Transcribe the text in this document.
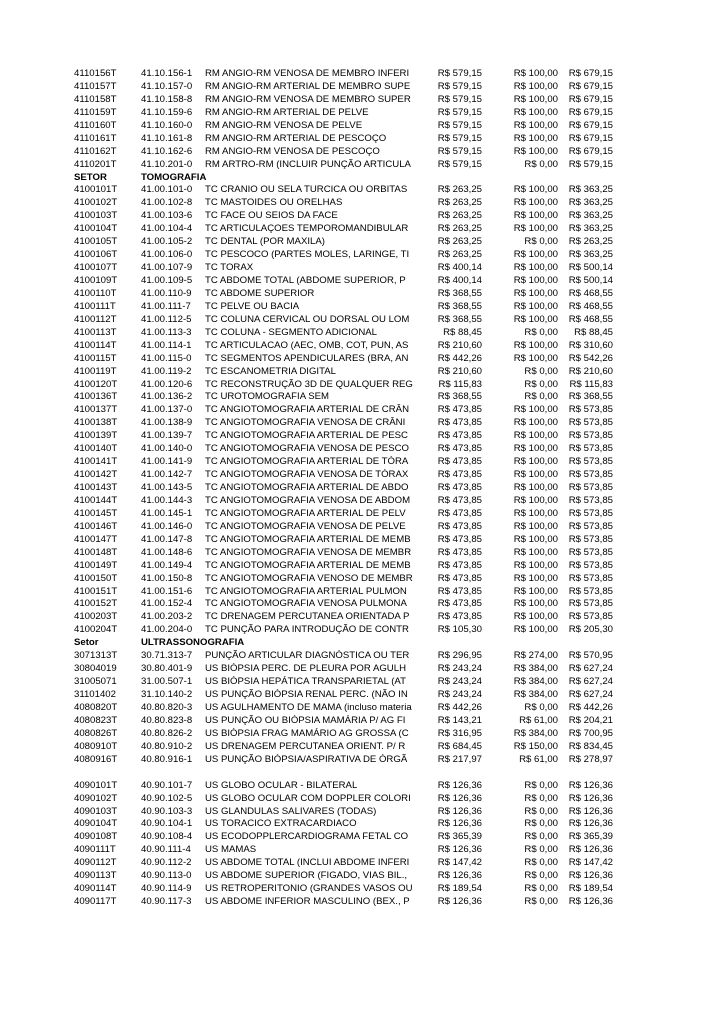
4110156T	41.10.156-1 RM ANGIO-RM VENOSA DE MEMBRO INFERI	R$ 579,15	R$ 100,00 R$ 679,15
4110157T	41.10.157-0 RM ANGIO-RM ARTERIAL DE MEMBRO SUPE	R$ 579,15	R$ 100,00 R$ 679,15
4110158T	41.10.158-8 RM ANGIO-RM VENOSA DE MEMBRO SUPER	R$ 579,15	R$ 100,00 R$ 679,15
4110159T	41.10.159-6 RM ANGIO-RM ARTERIAL DE PELVE	R$ 579,15	R$ 100,00 R$ 679,15
4110160T	41.10.160-0 RM ANGIO-RM VENOSA DE PELVE	R$ 579,15	R$ 100,00 R$ 679,15
4110161T	41.10.161-8 RM ANGIO-RM ARTERIAL DE PESCOÇO	R$ 579,15	R$ 100,00 R$ 679,15
4110162T	41.10.162-6 RM ANGIO-RM VENOSA DE PESCOÇO	R$ 579,15	R$ 100,00 R$ 679,15
4110201T	41.10.201-0 RM ARTRO-RM (INCLUIR PUNÇÃO ARTICULA	R$ 579,15	R$ 0,00 R$ 579,15
SETOR	TOMOGRAFIA
4100101T 41.00.101-0 TC CRANIO OU SELA TURCICA OU ORBITAS	R$ 263,25	R$ 100,00 R$ 363,25
4100102T 41.00.102-8 TC MASTOIDES OU ORELHAS	R$ 263,25	R$ 100,00 R$ 363,25
4100103T 41.00.103-6 TC FACE OU SEIOS DA FACE	R$ 263,25	R$ 100,00 R$ 363,25
4100104T 41.00.104-4 TC ARTICULAÇOES TEMPOROMANDIBULAR	R$ 263,25	R$ 100,00 R$ 363,25
4100105T 41.00.105-2 TC DENTAL (POR MAXILA)	R$ 263,25	R$ 0,00 R$ 263,25
4100106T 41.00.106-0 TC PESCOCO (PARTES MOLES, LARINGE, TI	R$ 263,25	R$ 100,00 R$ 363,25
4100107T 41.00.107-9 TC TORAX	R$ 400,14	R$ 100,00 R$ 500,14
4100109T 41.00.109-5 TC ABDOME TOTAL (ABDOME SUPERIOR, P	R$ 400,14	R$ 100,00 R$ 500,14
4100110T	41.00.110-9 TC ABDOME SUPERIOR	R$ 368,55	R$ 100,00 R$ 468,55
4100111T	41.00.111-7 TC PELVE OU BACIA	R$ 368,55	R$ 100,00 R$ 468,55
4100112T	41.00.112-5 TC COLUNA CERVICAL OU DORSAL OU LOM	R$ 368,55	R$ 100,00 R$ 468,55
4100113T	41.00.113-3 TC COLUNA - SEGMENTO ADICIONAL	R$ 88,45	R$ 0,00 R$ 88,45
4100114T	41.00.114-1 TC ARTICULACAO (AEC, OMB, COT, PUN, AS	R$ 210,60	R$ 100,00 R$ 310,60
4100115T	41.00.115-0 TC SEGMENTOS APENDICULARES (BRA, AN	R$ 442,26	R$ 100,00 R$ 542,26
4100119T	41.00.119-2 TC ESCANOMETRIA DIGITAL	R$ 210,60	R$ 0,00 R$ 210,60
4100120T 41.00.120-6 TC RECONSTRUÇÃO 3D DE QUALQUER REG	R$ 115,83	R$ 0,00 R$ 115,83
4100136T 41.00.136-2 TC UROTOMOGRAFIA SEM	R$ 368,55	R$ 0,00 R$ 368,55
4100137T 41.00.137-0 TC ANGIOTOMOGRAFIA ARTERIAL DE CRÂN	R$ 473,85	R$ 100,00 R$ 573,85
4100138T 41.00.138-9 TC ANGIOTOMOGRAFIA VENOSA DE CRÂNI	R$ 473,85	R$ 100,00 R$ 573,85
4100139T 41.00.139-7 TC ANGIOTOMOGRAFIA ARTERIAL DE PESC	R$ 473,85	R$ 100,00 R$ 573,85
4100140T 41.00.140-0 TC ANGIOTOMOGRAFIA VENOSA DE PESCO	R$ 473,85	R$ 100,00 R$ 573,85
4100141T 41.00.141-9 TC ANGIOTOMOGRAFIA ARTERIAL DE TÓRA	R$ 473,85	R$ 100,00 R$ 573,85
4100142T 41.00.142-7 TC ANGIOTOMOGRAFIA VENOSA DE TÓRAX	R$ 473,85	R$ 100,00 R$ 573,85
4100143T 41.00.143-5 TC ANGIOTOMOGRAFIA ARTERIAL DE ABDO	R$ 473,85	R$ 100,00 R$ 573,85
4100144T 41.00.144-3 TC ANGIOTOMOGRAFIA VENOSA DE ABDOM	R$ 473,85	R$ 100,00 R$ 573,85
4100145T 41.00.145-1 TC ANGIOTOMOGRAFIA ARTERIAL DE PELV	R$ 473,85	R$ 100,00 R$ 573,85
4100146T 41.00.146-0 TC ANGIOTOMOGRAFIA VENOSA DE PELVE	R$ 473,85	R$ 100,00 R$ 573,85
4100147T 41.00.147-8 TC ANGIOTOMOGRAFIA ARTERIAL DE MEMB	R$ 473,85	R$ 100,00 R$ 573,85
4100148T 41.00.148-6 TC ANGIOTOMOGRAFIA VENOSA DE MEMBR	R$ 473,85	R$ 100,00 R$ 573,85
4100149T 41.00.149-4 TC ANGIOTOMOGRAFIA ARTERIAL DE MEMB	R$ 473,85	R$ 100,00 R$ 573,85
4100150T 41.00.150-8 TC ANGIOTOMOGRAFIA VENOSO DE MEMBR	R$ 473,85	R$ 100,00 R$ 573,85
4100151T 41.00.151-6 TC ANGIOTOMOGRAFIA ARTERIAL PULMON	R$ 473,85	R$ 100,00 R$ 573,85
4100152T 41.00.152-4 TC ANGIOTOMOGRAFIA VENOSA PULMONA	R$ 473,85	R$ 100,00 R$ 573,85
4100203T 41.00.203-2 TC DRENAGEM PERCUTANEA ORIENTADA P	R$ 473,85	R$ 100,00 R$ 573,85
4100204T 41.00.204-0 TC PUNÇÃO PARA INTRODUÇÃO DE CONTR	R$ 105,30	R$ 100,00 R$ 205,30
Setor	ULTRASSONOGRAFIA
3071313T 30.71.313-7 PUNÇÃO ARTICULAR DIAGNÓSTICA OU TER	R$ 296,95	R$ 274,00 R$ 570,95
30804019	30.80.401-9 US BIÓPSIA PERC. DE PLEURA POR AGULH	R$ 243,24	R$ 384,00 R$ 627,24
31005071	31.00.507-1 US BIÓPSIA HEPÁTICA TRANSPARIETAL (AT	R$ 243,24	R$ 384,00 R$ 627,24
31101402	31.10.140-2 US PUNÇÃO BIÓPSIA RENAL PERC. (NÃO IN	R$ 243,24	R$ 384,00 R$ 627,24
4080820T 40.80.820-3 US AGULHAMENTO DE MAMA (incluso materia	R$ 442,26	R$ 0,00 R$ 442,26
4080823T 40.80.823-8 US PUNÇÃO OU BIÓPSIA MAMÁRIA P/ AG FI	R$ 143,21	R$ 61,00 R$ 204,21
4080826T 40.80.826-2 US BIÓPSIA FRAG MAMÁRIO AG GROSSA (C	R$ 316,95	R$ 384,00 R$ 700,95
4080910T 40.80.910-2 US DRENAGEM PERCUTANEA ORIENT. P/ R	R$ 684,45	R$ 150,00 R$ 834,45
4080916T 40.80.916-1 US PUNÇÃO BIÓPSIA/ASPIRATIVA DE ÓRGÃ	R$ 217,97	R$ 61,00 R$ 278,97
4090101T 40.90.101-7 US GLOBO OCULAR - BILATERAL	R$ 126,36	R$ 0,00 R$ 126,36
4090102T 40.90.102-5 US GLOBO OCULAR COM DOPPLER COLORI	R$ 126,36	R$ 0,00 R$ 126,36
4090103T 40.90.103-3 US GLANDULAS SALIVARES (TODAS)	R$ 126,36	R$ 0,00 R$ 126,36
4090104T 40.90.104-1 US TORACICO EXTRACARDIACO	R$ 126,36	R$ 0,00 R$ 126,36
4090108T 40.90.108-4 US ECODOPPLERCARDIOGRAMA FETAL CO	R$ 365,39	R$ 0,00 R$ 365,39
4090111T	40.90.111-4 US MAMAS	R$ 126,36	R$ 0,00 R$ 126,36
4090112T	40.90.112-2 US ABDOME TOTAL (INCLUI ABDOME INFERI	R$ 147,42	R$ 0,00 R$ 147,42
4090113T	40.90.113-0 US ABDOME SUPERIOR (FIGADO, VIAS BIL.,	R$ 126,36	R$ 0,00 R$ 126,36
4090114T	40.90.114-9 US RETROPERITONIO (GRANDES VASOS OU	R$ 189,54	R$ 0,00 R$ 189,54
4090117T	40.90.117-3 US ABDOME INFERIOR MASCULINO (BEX., P	R$ 126,36	R$ 0,00 R$ 126,36
